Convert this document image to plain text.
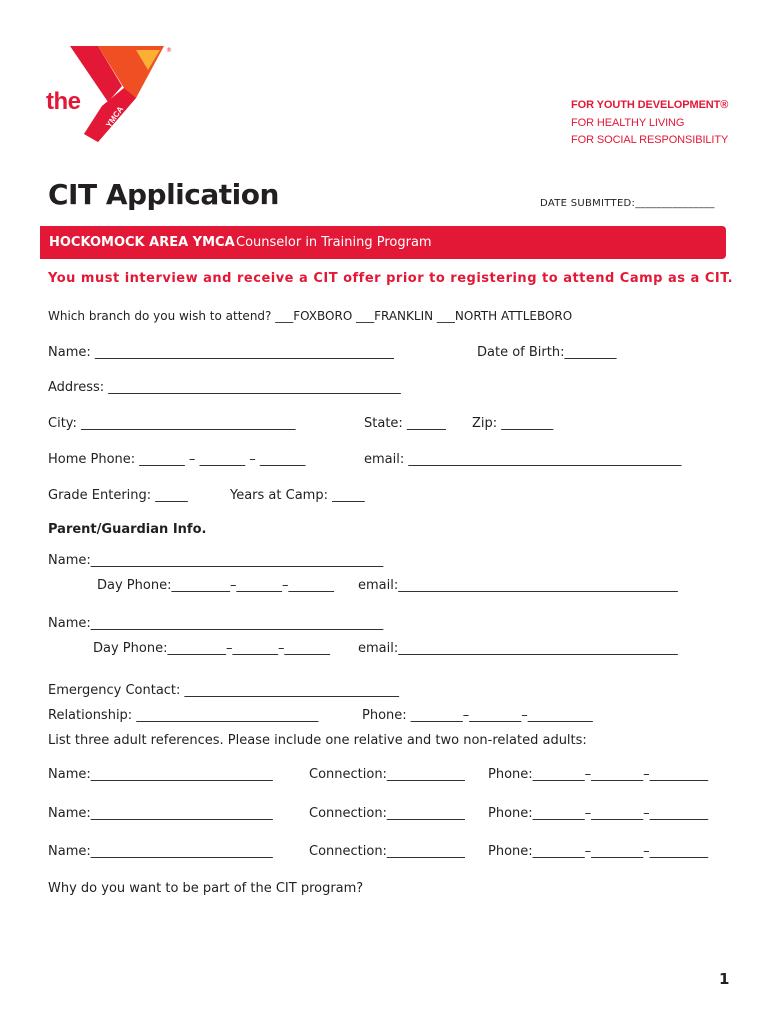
YMCA
®
the	FOR YOUTH DEVELOPMENT®
FOR HEALTHY LIVING
FOR SOCIAL RESPONSIBILITY
CIT Application	DATE SUBMITTED:_______________
HOCKOMOCK AREA YMCA Counselor in Training Program
You must interview and receive a CIT offer prior to registering to attend Camp as a CIT.
Which branch do you wish to attend? ___FOXBORO ___FRANKLIN ___NORTH ATTLEBORO
Name: ______________________________________________	Date of Birth:________
Address: _____________________________________________
City: _________________________________	State: ______ Zip: ________
Home Phone: _______ – _______ – _______	email: __________________________________________
Grade Entering: _____	Years at Camp: _____
Parent/Guardian Info.
Name:_____________________________________________
Day Phone:_________–_______–_______ email:___________________________________________
Name:_____________________________________________
Day Phone:_________–_______–_______ email:___________________________________________
Emergency Contact: _________________________________
Relationship: ____________________________	Phone: ________–________–__________
List three adult references. Please include one relative and two non-related adults:
Name:____________________________	Connection:____________ Phone:________–________–_________
Name:____________________________	Connection:____________ Phone:________–________–_________
Name:____________________________	Connection:____________ Phone:________–________–_________
Why do you want to be part of the CIT program?
1
